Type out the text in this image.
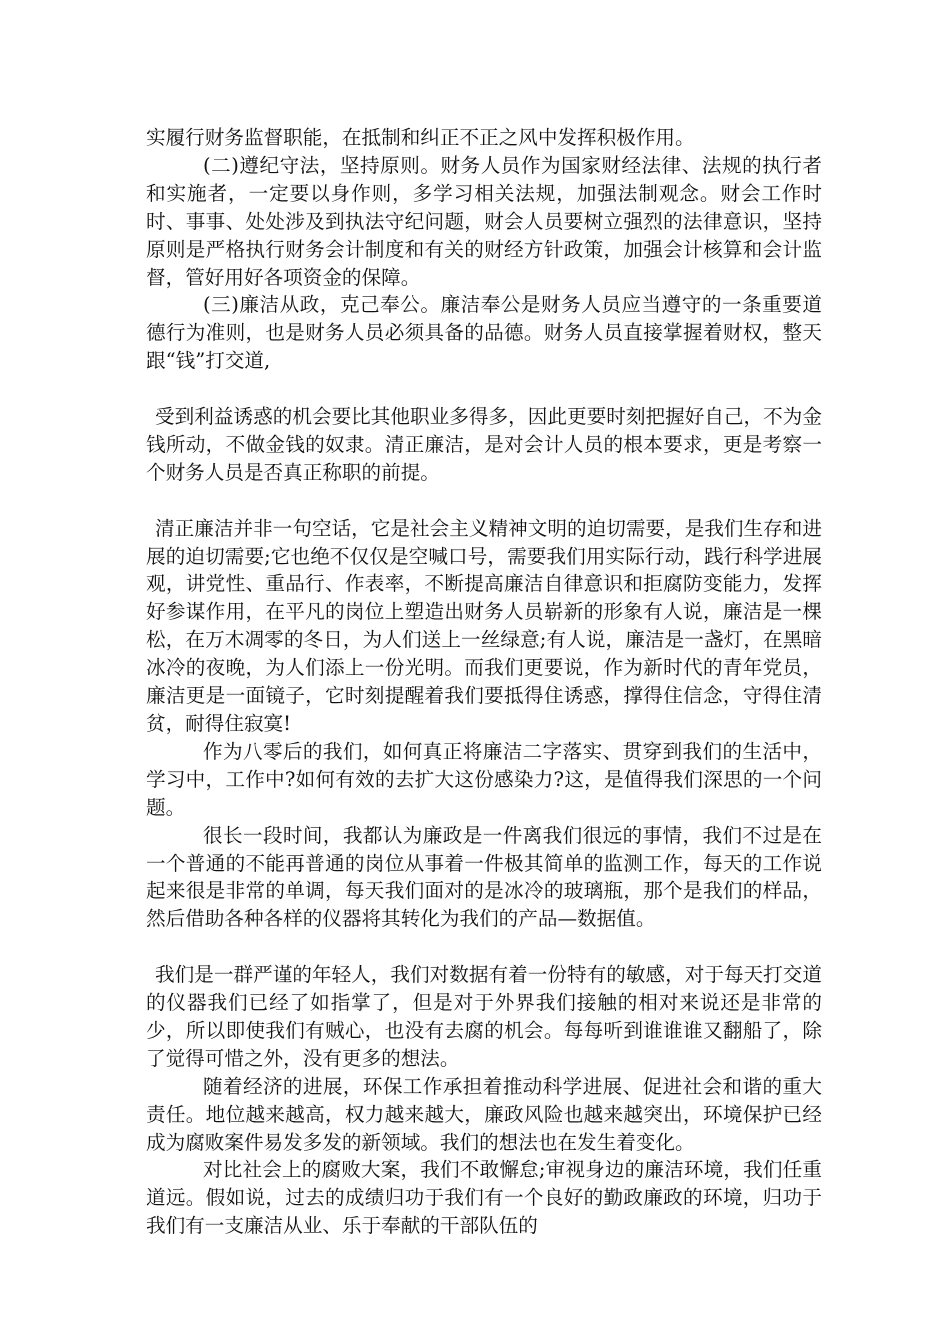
实履行财务监督职能，在抵制和纠正不正之风中发挥积极作用。

(二)遵纪守法，坚持原则。财务人员作为国家财经法律、法规的执行者和实施者，一定要以身作则，多学习相关法规，加强法制观念。财会工作时时、事事、处处涉及到执法守纪问题，财会人员要树立强烈的法律意识，坚持原则是严格执行财务会计制度和有关的财经方针政策，加强会计核算和会计监督，管好用好各项资金的保障。

(三)廉洁从政，克己奉公。廉洁奉公是财务人员应当遵守的一条重要道德行为准则，也是财务人员必须具备的品德。财务人员直接掌握着财权，整天跟“钱”打交道,

受到利益诱惑的机会要比其他职业多得多，因此更要时刻把握好自己，不为金钱所动，不做金钱的奴隶。清正廉洁，是对会计人员的根本要求，更是考察一个财务人员是否真正称职的前提。

清正廉洁并非一句空话，它是社会主义精神文明的迫切需要，是我们生存和进展的迫切需要;它也绝不仅仅是空喊口号，需要我们用实际行动，践行科学进展观，讲党性、重品行、作表率，不断提高廉洁自律意识和拒腐防变能力，发挥好参谋作用，在平凡的岗位上塑造出财务人员崭新的形象有人说，廉洁是一棵松，在万木凋零的冬日，为人们送上一丝绿意;有人说，廉洁是一盏灯，在黑暗冰冷的夜晚，为人们添上一份光明。而我们更要说，作为新时代的青年党员，廉洁更是一面镜子，它时刻提醒着我们要抵得住诱惑，撑得住信念，守得住清贫，耐得住寂寞!

作为八零后的我们，如何真正将廉洁二字落实、贯穿到我们的生活中，学习中，工作中?如何有效的去扩大这份感染力?这，是值得我们深思的一个问题。

很长一段时间，我都认为廉政是一件离我们很远的事情，我们不过是在一个普通的不能再普通的岗位从事着一件极其简单的监测工作，每天的工作说起来很是非常的单调，每天我们面对的是冰冷的玻璃瓶，那个是我们的样品，然后借助各种各样的仪器将其转化为我们的产品—数据值。

我们是一群严谨的年轻人，我们对数据有着一份特有的敏感，对于每天打交道的仪器我们已经了如指掌了，但是对于外界我们接触的相对来说还是非常的少，所以即使我们有贼心，也没有去腐的机会。每每听到谁谁谁又翻船了，除了觉得可惜之外，没有更多的想法。

随着经济的进展，环保工作承担着推动科学进展、促进社会和谐的重大责任。地位越来越高，权力越来越大，廉政风险也越来越突出，环境保护已经成为腐败案件易发多发的新领域。我们的想法也在发生着变化。

对比社会上的腐败大案，我们不敢懈怠;审视身边的廉洁环境，我们任重道远。假如说，过去的成绩归功于我们有一个良好的勤政廉政的环境，归功于我们有一支廉洁从业、乐于奉献的干部队伍的
